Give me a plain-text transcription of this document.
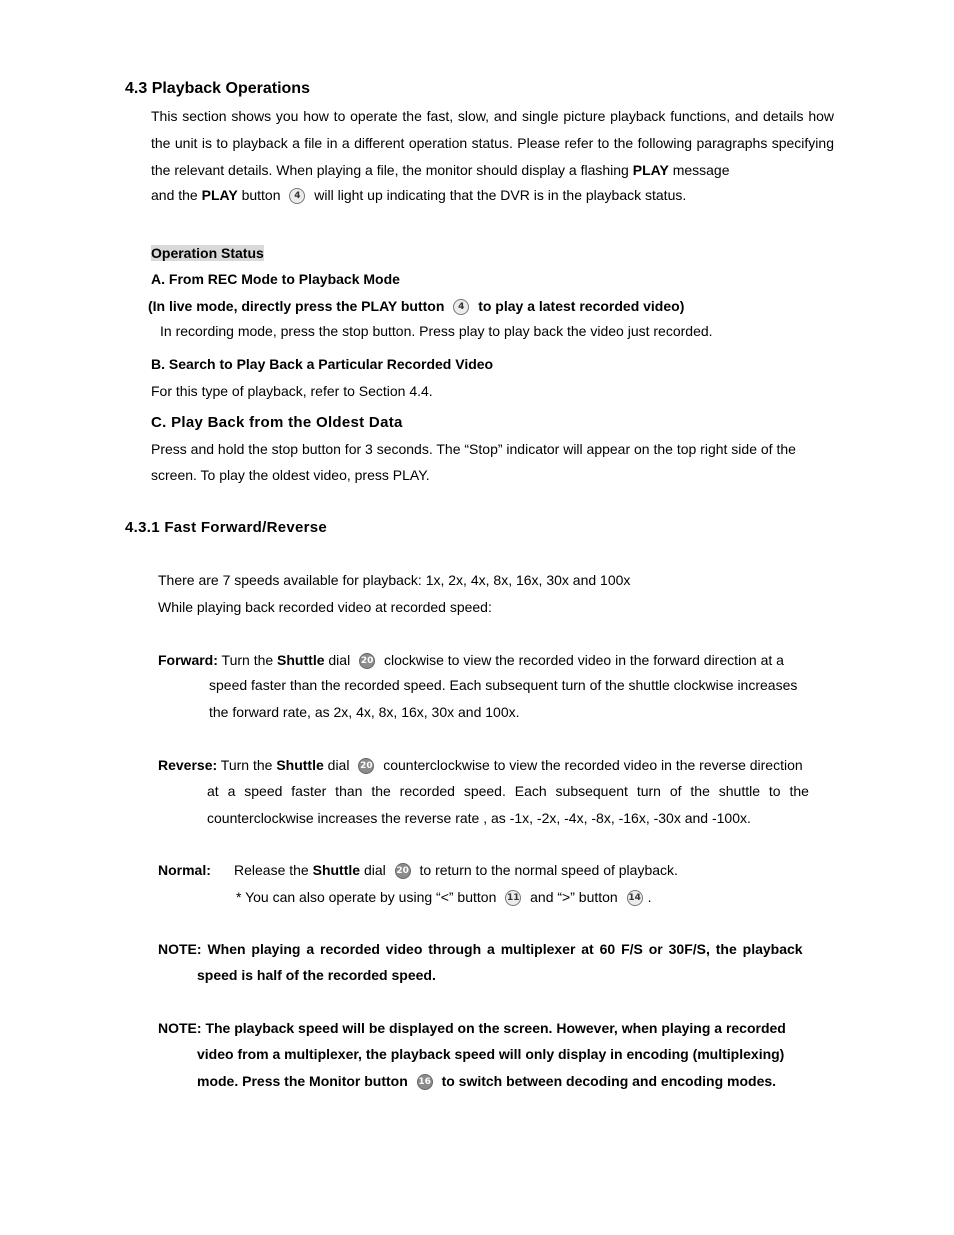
4.3 Playback Operations
This section shows you how to operate the fast, slow, and single picture playback functions, and details how the unit is to playback a file in a different operation status. Please refer to the following paragraphs specifying the relevant details. When playing a file, the monitor should display a flashing PLAY message
and the PLAY button 4 will light up indicating that the DVR is in the playback status.
Operation Status
A. From REC Mode to Playback Mode
(In live mode, directly press the PLAY button 4 to play a latest recorded video)
In recording mode, press the stop button. Press play to play back the video just recorded.
B. Search to Play Back a Particular Recorded Video
For this type of playback, refer to Section 4.4.
C. Play Back from the Oldest Data
Press and hold the stop button for 3 seconds. The “Stop” indicator will appear on the top right side of the
screen. To play the oldest video, press PLAY.
4.3.1 Fast Forward/Reverse
There are 7 speeds available for playback: 1x, 2x, 4x, 8x, 16x, 30x and 100x
While playing back recorded video at recorded speed:
Forward: Turn the Shuttle dial 20 clockwise to view the recorded video in the forward direction at a
speed faster than the recorded speed. Each subsequent turn of the shuttle clockwise increases
the forward rate, as 2x, 4x, 8x, 16x, 30x and 100x.
Reverse: Turn the Shuttle dial 20 counterclockwise to view the recorded video in the reverse direction
at a speed faster than the recorded speed. Each subsequent turn of the shuttle to the
counterclockwise increases the reverse rate , as -1x, -2x, -4x, -8x, -16x, -30x and -100x.
Normal: Release the Shuttle dial 20 to return to the normal speed of playback.
* You can also operate by using “<” button 11 and “>” button 14 .
NOTE: When playing a recorded video through a multiplexer at 60 F/S or 30F/S, the playback
speed is half of the recorded speed.
NOTE: The playback speed will be displayed on the screen. However, when playing a recorded
video from a multiplexer, the playback speed will only display in encoding (multiplexing)
mode. Press the Monitor button 16 to switch between decoding and encoding modes.
